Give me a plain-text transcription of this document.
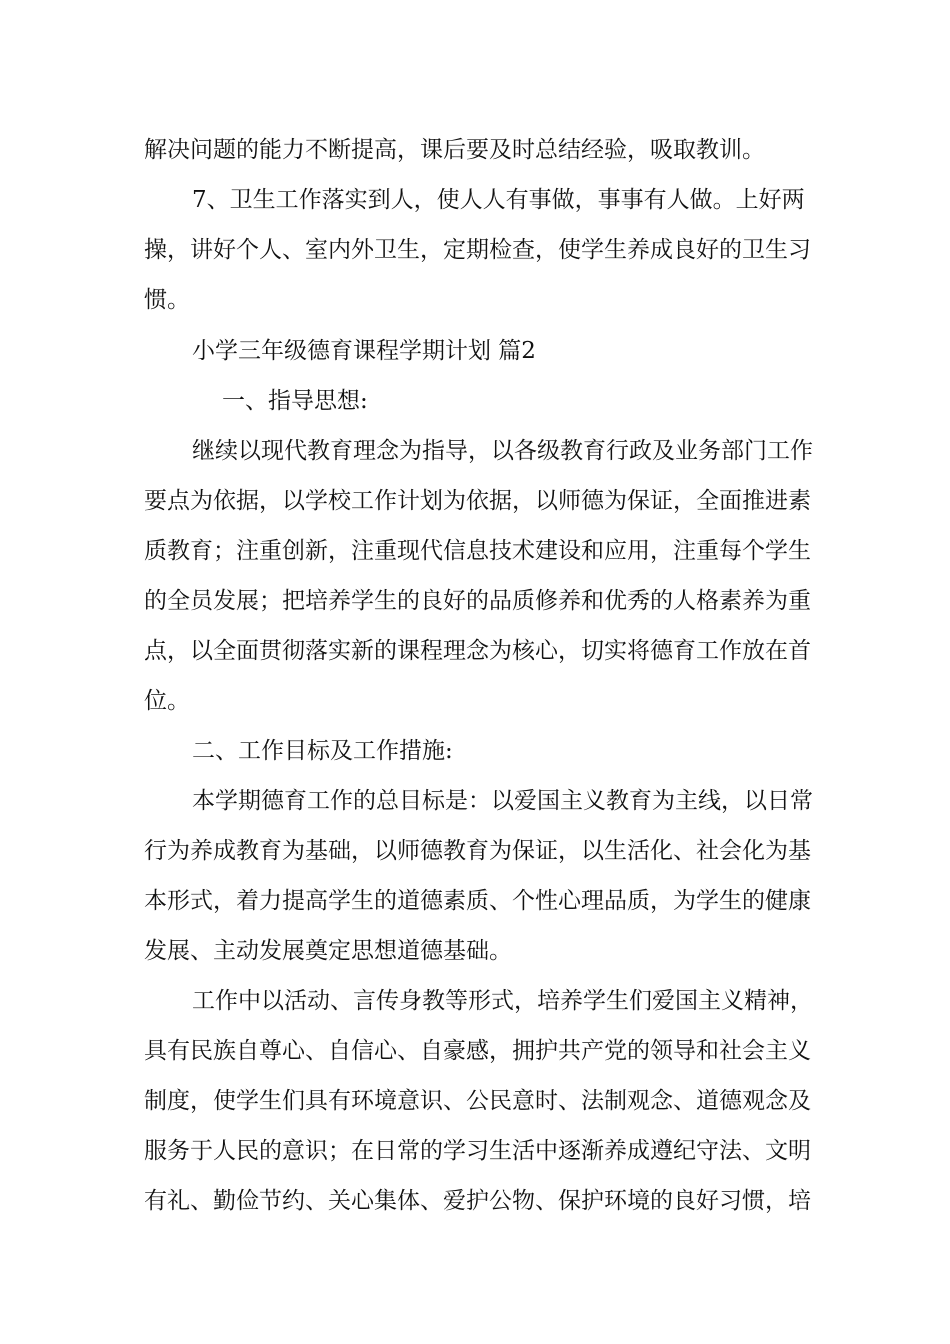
解决问题的能力不断提高，课后要及时总结经验，吸取教训。
7、卫生工作落实到人，使人人有事做，事事有人做。上好两
操，讲好个人、室内外卫生，定期检查，使学生养成良好的卫生习
惯。
小学三年级德育课程学期计划 篇2
一、指导思想:
继续以现代教育理念为指导，以各级教育行政及业务部门工作
要点为依据，以学校工作计划为依据，以师德为保证，全面推进素
质教育；注重创新，注重现代信息技术建设和应用，注重每个学生
的全员发展；把培养学生的良好的品质修养和优秀的人格素养为重
点，以全面贯彻落实新的课程理念为核心，切实将德育工作放在首
位。
二、工作目标及工作措施:
本学期德育工作的总目标是：以爱国主义教育为主线，以日常
行为养成教育为基础，以师德教育为保证，以生活化、社会化为基
本形式，着力提高学生的道德素质、个性心理品质，为学生的健康
发展、主动发展奠定思想道德基础。
工作中以活动、言传身教等形式，培养学生们爱国主义精神，
具有民族自尊心、自信心、自豪感，拥护共产党的领导和社会主义
制度，使学生们具有环境意识、公民意时、法制观念、道德观念及
服务于人民的意识；在日常的学习生活中逐渐养成遵纪守法、文明
有礼、勤俭节约、关心集体、爱护公物、保护环境的良好习惯，培
